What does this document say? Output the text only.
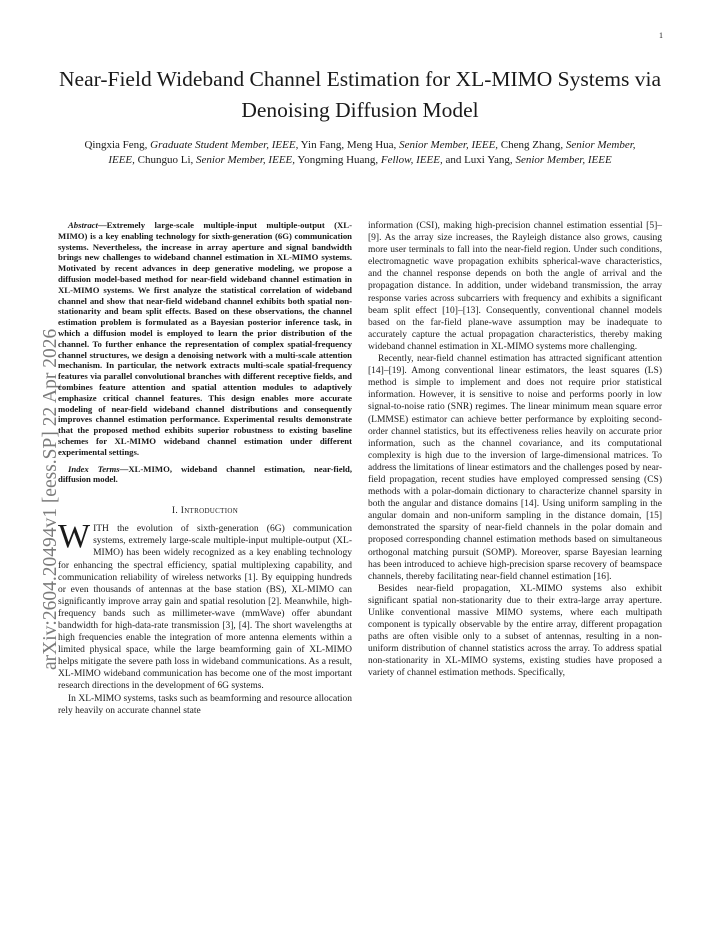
1
arXiv:2604.20494v1 [eess.SP] 22 Apr 2026
Near-Field Wideband Channel Estimation for XL-MIMO Systems via Denoising Diffusion Model
Qingxia Feng, Graduate Student Member, IEEE, Yin Fang, Meng Hua, Senior Member, IEEE, Cheng Zhang, Senior Member, IEEE, Chunguo Li, Senior Member, IEEE, Yongming Huang, Fellow, IEEE, and Luxi Yang, Senior Member, IEEE

Abstract—Extremely large-scale multiple-input multiple-output (XL-MIMO) is a key enabling technology for sixth-generation (6G) communication systems. Nevertheless, the increase in array aperture and signal bandwidth brings new challenges to wideband channel estimation in XL-MIMO systems. Motivated by recent advances in deep generative modeling, we propose a diffusion model-based method for near-field wideband channel estimation in XL-MIMO systems. We first analyze the statistical correlation of wideband channel and show that near-field wideband channel exhibits both spatial non-stationarity and beam split effects. Based on these observations, the channel estimation problem is formulated as a Bayesian posterior inference task, in which a diffusion model is employed to learn the prior distribution of the channel. To further enhance the representation of complex spatial-frequency channel structures, we design a denoising network with a multi-scale attention mechanism. In particular, the network extracts multi-scale spatial-frequency features via parallel convolutional branches with different receptive fields, and combines feature attention and spatial attention modules to adaptively emphasize critical channel features. This design enables more accurate modeling of near-field wideband channel distributions and consequently improves channel estimation performance. Experimental results demonstrate that the proposed method exhibits superior robustness to existing baseline schemes for XL-MIMO wideband channel estimation under different experimental settings.

Index Terms—XL-MIMO, wideband channel estimation, near-field, diffusion model.

I. Introduction

WITH the evolution of sixth-generation (6G) communication systems, extremely large-scale multiple-input multiple-output (XL-MIMO) has been widely recognized as a key enabling technology for enhancing the spectral efficiency, spatial multiplexing capability, and communication reliability of wireless networks [1]. By equipping hundreds or even thousands of antennas at the base station (BS), XL-MIMO can significantly improve array gain and spatial resolution [2]. Meanwhile, high-frequency bands such as millimeter-wave (mmWave) offer abundant bandwidth for high-data-rate transmission [3], [4]. The short wavelengths at high frequencies enable the integration of more antenna elements within a limited physical space, while the large beamforming gain of XL-MIMO helps mitigate the severe path loss in wideband communications. As a result, XL-MIMO wideband communication has become one of the most important research directions in the development of 6G systems.

In XL-MIMO systems, tasks such as beamforming and resource allocation rely heavily on accurate channel state

information (CSI), making high-precision channel estimation essential [5]–[9]. As the array size increases, the Rayleigh distance also grows, causing more user terminals to fall into the near-field region. Under such conditions, electromagnetic wave propagation exhibits spherical-wave characteristics, and the channel response depends on both the angle of arrival and the propagation distance. In addition, under wideband transmission, the array response varies across subcarriers with frequency and exhibits a significant beam split effect [10]–[13]. Consequently, conventional channel models based on the far-field plane-wave assumption may be inadequate to accurately capture the actual propagation characteristics, thereby making wideband channel estimation in XL-MIMO systems more challenging.

Recently, near-field channel estimation has attracted significant attention [14]–[19]. Among conventional linear estimators, the least squares (LS) method is simple to implement and does not require prior statistical information. However, it is sensitive to noise and performs poorly in low signal-to-noise ratio (SNR) regimes. The linear minimum mean square error (LMMSE) estimator can achieve better performance by exploiting second-order channel statistics, but its effectiveness relies heavily on accurate prior information, such as the channel covariance, and its computational complexity is high due to the inversion of large-dimensional matrices. To address the limitations of linear estimators and the challenges posed by near-field propagation, recent studies have employed compressed sensing (CS) methods with a polar-domain dictionary to characterize channel sparsity in both the angular and distance domains [14]. Using uniform sampling in the angular domain and non-uniform sampling in the distance domain, [15] demonstrated the sparsity of near-field channels in the polar domain and proposed corresponding channel estimation methods based on simultaneous orthogonal matching pursuit (SOMP). Moreover, sparse Bayesian learning has been introduced to achieve high-precision sparse recovery of beamspace channels, thereby facilitating near-field channel estimation [16].

Besides near-field propagation, XL-MIMO systems also exhibit significant spatial non-stationarity due to their extra-large array aperture. Unlike conventional massive MIMO systems, where each multipath component is typically observable by the entire array, different propagation paths are often visible only to a subset of antennas, resulting in a non-uniform distribution of channel statistics across the array. To address spatial non-stationarity in XL-MIMO systems, existing studies have proposed a variety of channel estimation methods. Specifically,
